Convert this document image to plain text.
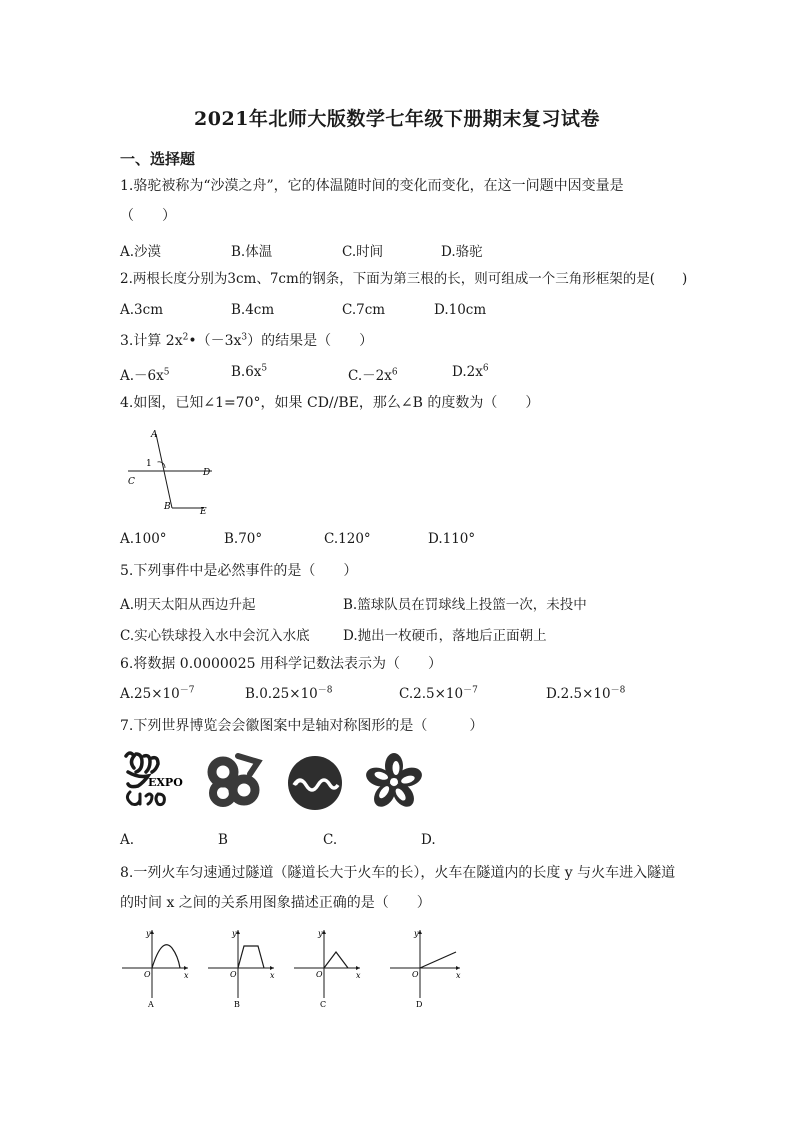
2021年北师大版数学七年级下册期末复习试卷
一、选择题
1.骆驼被称为“沙漠之舟”，它的体温随时间的变化而变化，在这一问题中因变量是
（　　）
A.沙漠	B.体温	C.时间	D.骆驼
2.两根长度分别为3cm、7cm的钢条，下面为第三根的长，则可组成一个三角形框架的是(　　)
A.3cm	B.4cm	C.7cm	D.10cm
3.计算 $2x^2•(-3x^3)$的结果是（　　）
$A.-6x^5$	$B.6x^5$	$C.-2x^6$	$D.2x^6$
4.如图，已知∠1=70°，如果 CD//BE，那么∠B 的度数为（　　）
A
1
C
D
B	E
A.100°	B.70°	C.120°	D.110°
5.下列事件中是必然事件的是（　　）
A.明天太阳从西边升起	B.篮球队员在罚球线上投篮一次，未投中
C.实心铁球投入水中会沉入水底 D.抛出一枚硬币，落地后正面朝上
6.将数据 0.0000025 用科学记数法表示为（　　）
$A.25\times 10^{-7}$	$B.0.25\times 10^{-8}$	$C.2.5\times 10^{-7}$	$D.2.5\times 10^{-8}$
7.下列世界博览会会徽图案中是轴对称图形的是（　　　）
EXPO
A.	B	C.	D.
8.一列火车匀速通过隧道（隧道长大于火车的长），火车在隧道内的长度 y 与火车进入隧道
的时间 x 之间的关系用图象描述正确的是（　　）
y
x
O
A
y
x
O
B
y
x
O
C
y
x
O
D
